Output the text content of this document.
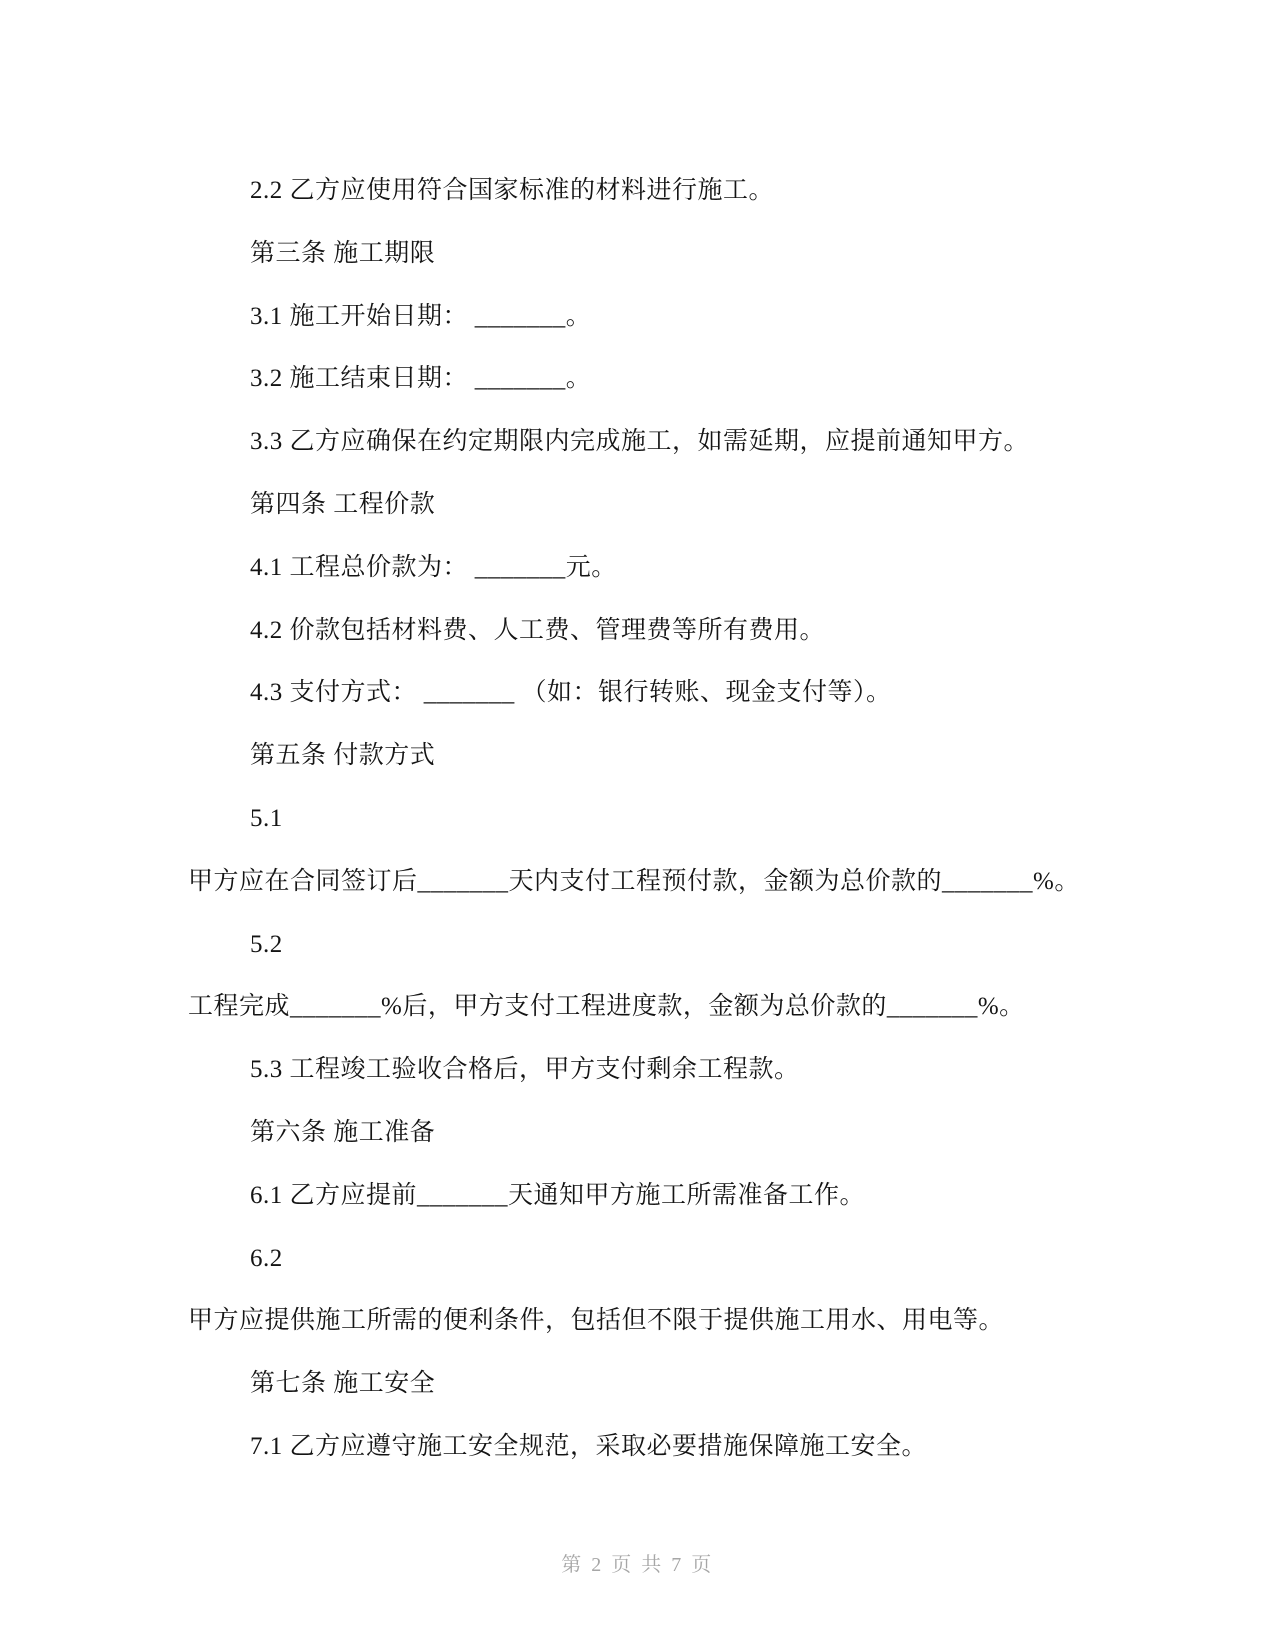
2.2 乙方应使用符合国家标准的材料进行施工。
第三条 施工期限
3.1 施工开始日期： _______。
3.2 施工结束日期： _______。
3.3 乙方应确保在约定期限内完成施工，如需延期，应提前通知甲方。
第四条 工程价款
4.1 工程总价款为： _______元。
4.2 价款包括材料费、人工费、管理费等所有费用。
4.3 支付方式： _______ （如：银行转账、现金支付等）。
第五条 付款方式
5.1
甲方应在合同签订后_______天内支付工程预付款，金额为总价款的_______%。
5.2
工程完成_______%后，甲方支付工程进度款，金额为总价款的_______%。
5.3 工程竣工验收合格后，甲方支付剩余工程款。
第六条 施工准备
6.1 乙方应提前_______天通知甲方施工所需准备工作。
6.2
甲方应提供施工所需的便利条件，包括但不限于提供施工用水、用电等。
第七条 施工安全
7.1 乙方应遵守施工安全规范，采取必要措施保障施工安全。
第 2 页 共 7 页
